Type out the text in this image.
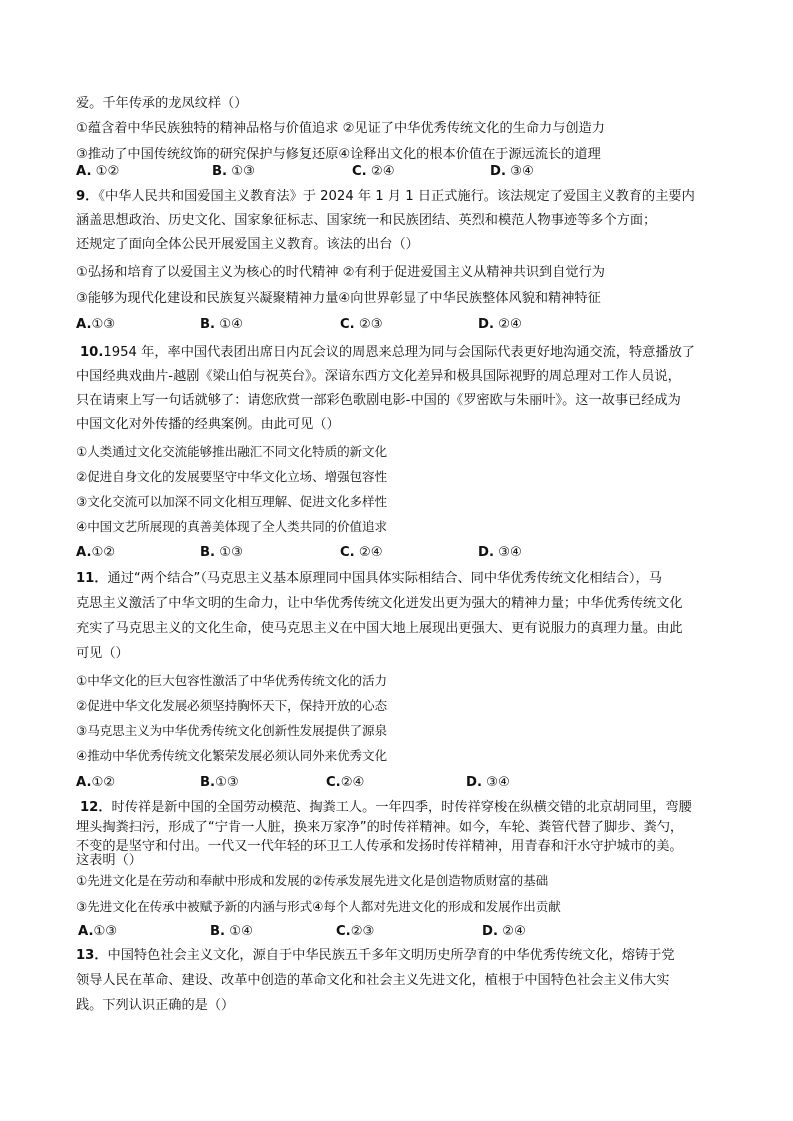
爱。千年传承的龙凤纹样（）
①蕴含着中华民族独特的精神品格与价值追求 ②见证了中华优秀传统文化的生命力与创造力
③推动了中国传统纹饰的研究保护与修复还原④诠释出文化的根本价值在于源远流长的道理
A. ①②	B. ①③	C. ②④	D. ③④
9．《中华人民共和国爱国主义教育法》于 2024 年 1 月 1 日正式施行。该法规定了爱国主义教育的主要内
涵盖思想政治、历史文化、国家象征标志、国家统一和民族团结、英烈和模范人物事迹等多个方面；
还规定了面向全体公民开展爱国主义教育。该法的出台（）
①弘扬和培育了以爱国主义为核心的时代精神 ②有利于促进爱国主义从精神共识到自觉行为
③能够为现代化建设和民族复兴凝聚精神力量④向世界彰显了中华民族整体风貌和精神特征
A.①③	B. ①④	C. ②③	D. ②④
10.1954 年，率中国代表团出席日内瓦会议的周恩来总理为同与会国际代表更好地沟通交流，特意播放了
中国经典戏曲片-越剧《梁山伯与祝英台》。深谙东西方文化差异和极具国际视野的周总理对工作人员说，
只在请柬上写一句话就够了：请您欣赏一部彩色歌剧电影-中国的《罗密欧与朱丽叶》。这一故事已经成为
中国文化对外传播的经典案例。由此可见（）
①人类通过文化交流能够推出融汇不同文化特质的新文化
②促进自身文化的发展要坚守中华文化立场、增强包容性
③文化交流可以加深不同文化相互理解、促进文化多样性
④中国文艺所展现的真善美体现了全人类共同的价值追求
A.①②	B. ①③	C. ②④	D. ③④
11．通过“两个结合”（马克思主义基本原理同中国具体实际相结合、同中华优秀传统文化相结合），马
克思主义激活了中华文明的生命力，让中华优秀传统文化迸发出更为强大的精神力量；中华优秀传统文化
充实了马克思主义的文化生命，使马克思主义在中国大地上展现出更强大、更有说服力的真理力量。由此
可见（）
①中华文化的巨大包容性激活了中华优秀传统文化的活力
②促进中华文化发展必须坚持胸怀天下，保持开放的心态
③马克思主义为中华优秀传统文化创新性发展提供了源泉
④推动中华优秀传统文化繁荣发展必须认同外来优秀文化
A.①②	B.①③	C.②④	D. ③④
12．时传祥是新中国的全国劳动模范、掏粪工人。一年四季，时传祥穿梭在纵横交错的北京胡同里，弯腰
埋头掏粪扫污，形成了“宁肯一人脏，换来万家净”的时传祥精神。如今，车轮、粪管代替了脚步、粪勺，
不变的是坚守和付出。一代又一代年轻的环卫工人传承和发扬时传祥精神，用青春和汗水守护城市的美。
这表明（）
①先进文化是在劳动和奉献中形成和发展的②传承发展先进文化是创造物质财富的基础
③先进文化在传承中被赋予新的内涵与形式④每个人都对先进文化的形成和发展作出贡献
A.①③	B. ①④	C.②③	D. ②④
13．中国特色社会主义文化，源自于中华民族五千多年文明历史所孕育的中华优秀传统文化，熔铸于党
领导人民在革命、建设、改革中创造的革命文化和社会主义先进文化，植根于中国特色社会主义伟大实
践。下列认识正确的是（）
